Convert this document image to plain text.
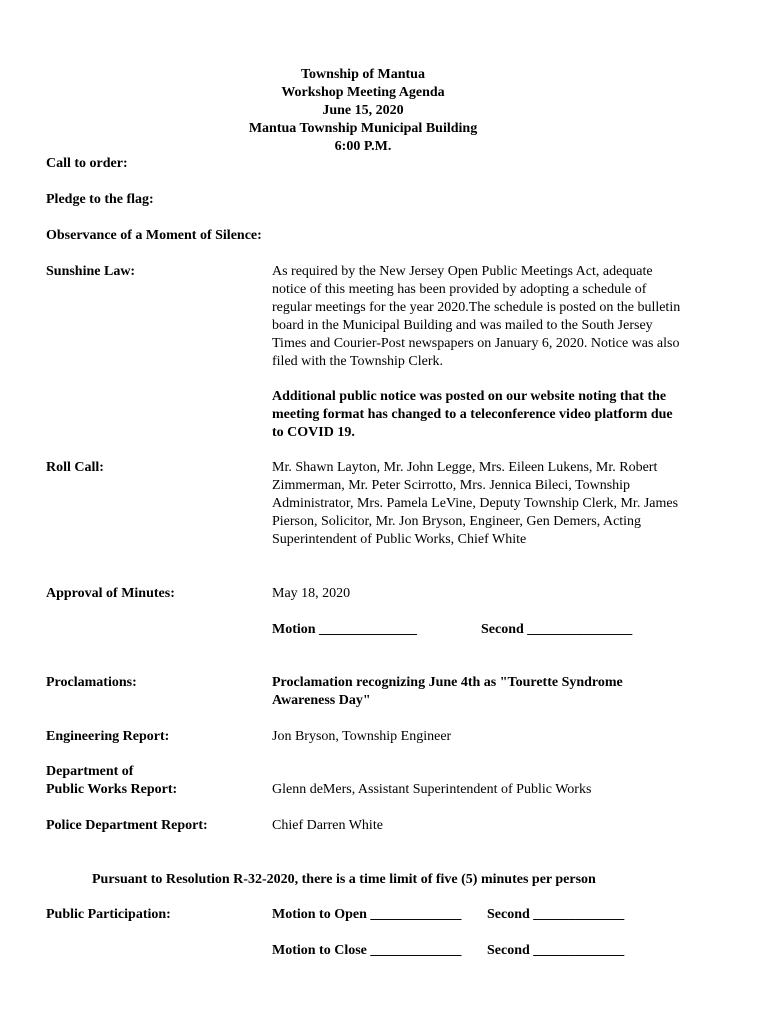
Township of Mantua
Workshop Meeting Agenda
June 15, 2020
Mantua Township Municipal Building
6:00 P.M.
Call to order:
Pledge to the flag:
Observance of a Moment of Silence:
Sunshine Law:	As required by the New Jersey Open Public Meetings Act, adequate notice of this meeting has been provided by adopting a schedule of regular meetings for the year 2020.The schedule is posted on the bulletin board in the Municipal Building and was mailed to the South Jersey Times and Courier-Post newspapers on January 6, 2020. Notice was also filed with the Township Clerk.
Additional public notice was posted on our website noting that the meeting format has changed to a teleconference video platform due to COVID 19.
Roll Call:	Mr. Shawn Layton, Mr. John Legge, Mrs. Eileen Lukens, Mr. Robert Zimmerman, Mr. Peter Scirrotto, Mrs. Jennica Bileci, Township Administrator, Mrs. Pamela LeVine, Deputy Township Clerk, Mr. James Pierson, Solicitor, Mr. Jon Bryson, Engineer, Gen Demers, Acting Superintendent of Public Works, Chief White
Approval of Minutes:	May 18, 2020
Motion ______________	Second _______________
Proclamations:	Proclamation recognizing June 4th as "Tourette Syndrome Awareness Day"
Engineering Report:	Jon Bryson, Township Engineer
Department of
Public Works Report:	Glenn deMers, Assistant Superintendent of Public Works
Police Department Report:	Chief Darren White
Pursuant to Resolution R-32-2020, there is a time limit of five (5) minutes per person
Public Participation:	Motion to Open _____________ Second _____________
Motion to Close _____________ Second _____________
